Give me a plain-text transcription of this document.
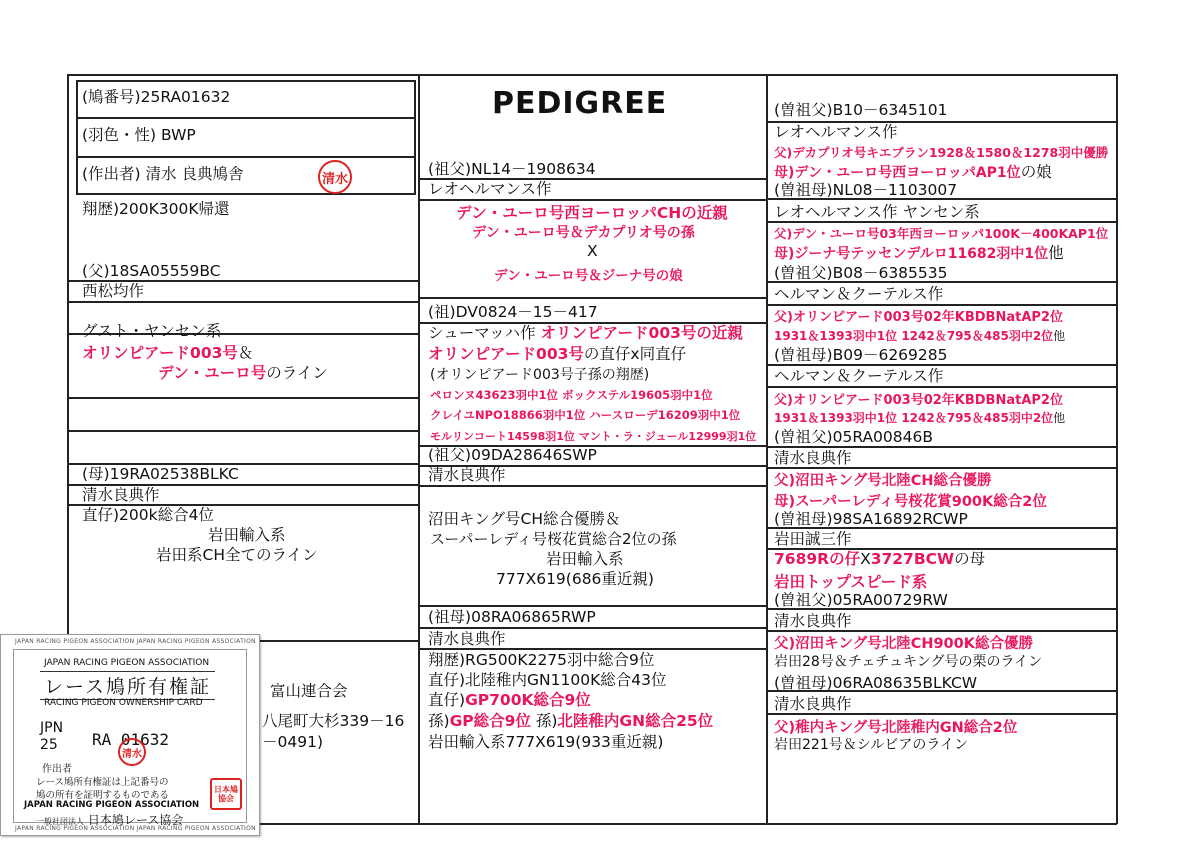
(鳩番号)25RA01632
(羽色・性) BWP
(作出者) 清水 良典鳩舎	清水
翔歴)200K300K帰還
PEDIGREE
(父)18SA05559BC
西松均作
グスト・ヤンセン系
オリンピアード003号＆
デン・ユーロ号のライン
(母)19RA02538BLKC
清水良典作
直仔)200k総合4位
岩田輸入系
岩田系CH全てのライン
(祖父)NL14－1908634
レオヘルマンス作
デン・ユーロ号西ヨーロッパCHの近親
デン・ユーロ号＆デカプリオ号の孫
X
デン・ユーロ号＆ジーナ号の娘
(祖)DV0824－15－417
シューマッハ作 オリンピアード003号の近親
オリンピアード003号の直仔x同直仔
(オリンピアード003号子孫の翔歴)
ペロンヌ43623羽中1位 ボックステル19605羽中1位
クレイユNPO18866羽中1位 ハースローデ16209羽中1位
モルリンコート14598羽1位 マント・ラ・ジュール12999羽1位
(祖父)09DA28646SWP
清水良典作
沼田キング号CH総合優勝＆
スーパーレディ号桜花賞総合2位の孫
岩田輸入系
777X619(686重近親)
(祖母)08RA06865RWP
清水良典作
翔歴)RG500K2275羽中総合9位
直仔)北陸稚内GN1100K総合43位
直仔)GP700K総合9位
孫)GP総合9位 孫)北陸稚内GN総合25位
岩田輸入系777X619(933重近親)
(曽祖父)B10－6345101
レオヘルマンス作
父)デカプリオ号キエブラン1928＆1580＆1278羽中優勝
母)デン・ユーロ号西ヨーロッパAP1位の娘
(曽祖母)NL08－1103007
レオヘルマンス作 ヤンセン系
父)デン・ユーロ号03年西ヨーロッパ100K－400KAP1位
母)ジーナ号テッセンデルロ11682羽中1位他
(曽祖父)B08－6385535
ヘルマン＆クーテルス作
父)オリンピアード003号02年KBDBNatAP2位
1931＆1393羽中1位 1242＆795＆485羽中2位他
(曽祖母)B09－6269285
ヘルマン＆クーテルス作
父)オリンピアード003号02年KBDBNatAP2位
1931＆1393羽中1位 1242＆795＆485羽中2位他
(曽祖父)05RA00846B
清水良典作
父)沼田キング号北陸CH総合優勝
母)スーパーレディ号桜花賞900K総合2位
(曽祖母)98SA16892RCWP
岩田誠三作
7689Rの仔X3727BCWの母
岩田トップスピード系
(曽祖父)05RA00729RW
清水良典作
父)沼田キング号北陸CH900K総合優勝
岩田28号＆チェチュキング号の栗のライン
(曽祖母)06RA08635BLKCW
清水良典作
父)稚内キング号北陸稚内GN総合2位
岩田221号＆シルビアのライン
富山連合会
八尾町大杉339－16
－0491)
JAPAN RACING PIGEON ASSOCIATION JAPAN RACING PIGEON ASSOCIATION
JAPAN RACING PIGEON ASSOCIATION JAPAN RACING PIGEON ASSOCIATION
JAPAN RACING PIGEON ASSOCIATION
レース鳩所有権証
RACING PIGEON OWNERSHIP CARD
JPN
25 RA 01632
清水
作出者
レース鳩所有権証は上記番号の
鳩の所有を証明するものである
JAPAN RACING PIGEON ASSOCIATION
一般社団法人 日本鳩レース協会
日本鳩協会
